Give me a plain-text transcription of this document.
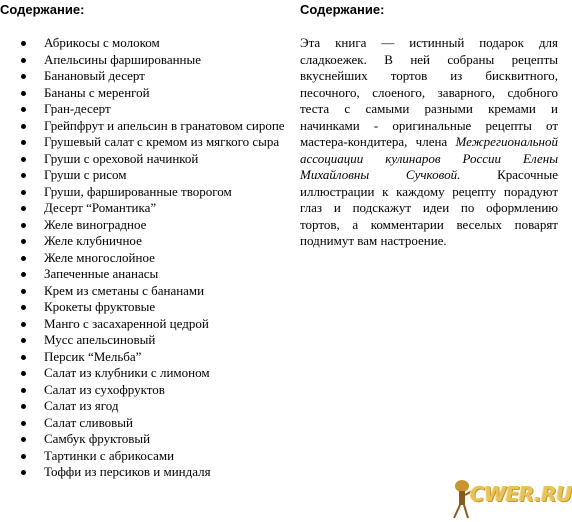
Содержание:
Абрикосы с молоком
Апельсины фаршированные
Банановый десерт
Бананы с меренгой
Гран-десерт
Грейпфрут и апельсин в гранатовом сиропе
Грушевый салат с кремом из мягкого сыра
Груши с ореховой начинкой
Груши с рисом
Груши, фаршированные творогом
Десерт “Романтика”
Желе виноградное
Желе клубничное
Желе многослойное
Запеченные ананасы
Крем из сметаны с бананами
Крокеты фруктовые
Манго с засахаренной цедрой
Мусс апельсиновый
Персик “Мельба”
Салат из клубники с лимоном
Салат из сухофруктов
Салат из ягод
Салат сливовый
Самбук фруктовый
Тартинки с абрикосами
Тоффи из персиков и миндаля
Содержание:

Эта книга — истинный подарок для сладкоежек. В ней собраны рецепты вкуснейших тортов из бисквитного, песочного, слоеного, заварного, сдобного теста с самыми разными кремами и начинками - оригинальные рецепты от мастера-кондитера, члена Межрегиональной ассоциации кулинаров России Елены Михайловны Сучковой. Красочные иллюстрации к каждому рецепту порадуют глаз и подскажут идеи по оформлению тортов, а комментарии веселых поварят поднимут вам настроение.

CWER.RU
